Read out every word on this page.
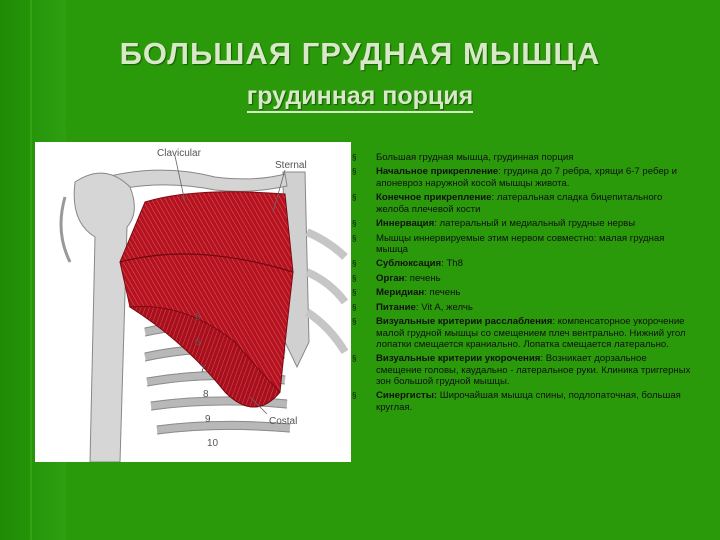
БОЛЬШАЯ ГРУДНАЯ МЫШЦА
грудинная порция
Clavicular
Sternal
Costal
5
6
7
8
9
10
§ Большая грудная мышца, грудинная порция
§ Начальное прикрепление: грудина до 7 ребра, хрящи 6-7 ребер и апоневроз наружной косой мышцы живота.
§ Конечное прикрепление: латеральная сладка бицепитального желоба плечевой кости
§ Иннервация: латеральный и медиальный грудные нервы
§ Мышцы иннервируемые этим нервом совместно: малая грудная мышца
§ Сублюксация: Th8
§ Орган: печень
§ Меридиан: печень
§ Питание: Vit A, желчь
§ Визуальные критерии расслабления: компенсаторное укорочение малой грудной мышцы со смещением плеч вентрально. Нижний угол лопатки смещается краниально. Лопатка смещается латерально.
§ Визуальные критерии укорочения: Возникает дорзальное смещение головы, каудально - латеральное руки. Клиника триггерных зон большой грудной мышцы.
§ Синергисты: Широчайшая мышца спины, подлопаточная, большая круглая.
